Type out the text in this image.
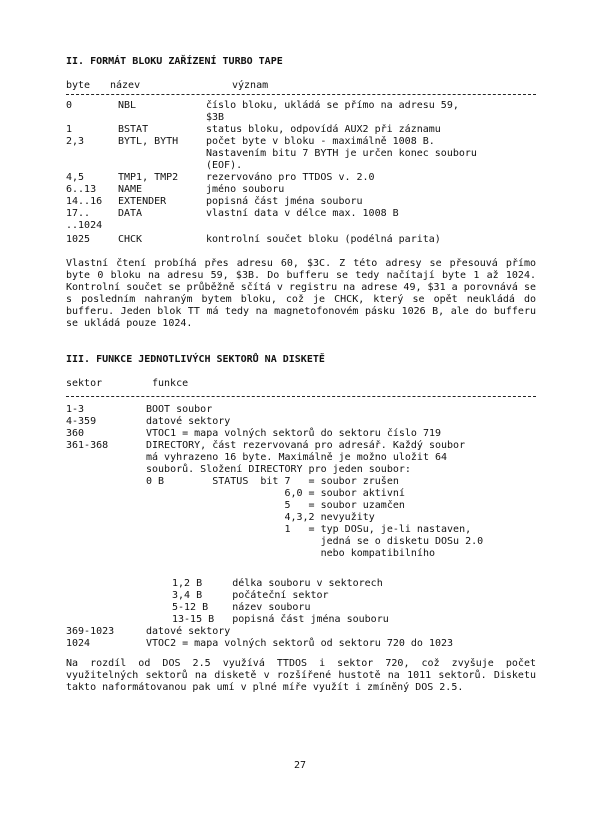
II. FORMÁT BLOKU ZAŘÍZENÍ TURBO TAPE
byte název	význam
0	NBL	číslo bloku, ukládá se přímo na adresu 59,
$3B
1	BSTAT	status bloku, odpovídá AUX2 při záznamu
2,3	BYTL, BYTH	počet byte v bloku - maximálně 1008 B.
Nastavením bitu 7 BYTH je určen konec souboru
(EOF).
4,5	TMP1, TMP2	rezervováno pro TTDOS v. 2.0
6..13 NAME	jméno souboru
14..16 EXTENDER	popisná část jména souboru
17..	DATA	vlastní data v délce max. 1008 B
..1024
1025	CHCK	kontrolní součet bloku (podélná parita)
Vlastní čtení probíhá přes adresu 60, $3C. Z této adresy se přesouvá přímo byte 0 bloku na adresu 59, $3B. Do bufferu se tedy načítají byte 1 až 1024. Kontrolní součet se průběžně sčítá v registru na adrese 49, $31 a porovnává se s posledním nahraným bytem bloku, což je CHCK, který se opět neukládá do bufferu. Jeden blok TT má tedy na magnetofonovém pásku 1026 B, ale do bufferu se ukládá pouze 1024.
III. FUNKCE JEDNOTLIVÝCH SEKTORŮ NA DISKETĚ
sektor	funkce
1-3	BOOT soubor
4-359	datové sektory
360	VTOC1 = mapa volných sektorů do sektoru číslo 719
361-368	DIRECTORY, část rezervovaná pro adresář. Každý soubor
má vyhrazeno 16 byte. Maximálně je možno uložit 64
souborů. Složení DIRECTORY pro jeden soubor:
0 B        STATUS  bit 7   = soubor zrušen
6,0 = soubor aktivní
5   = soubor uzamčen
4,3,2 nevyužity
1   = typ DOSu, je-li nastaven,
jedná se o disketu DOSu 2.0
nebo kompatibilního
1,2 B     délka souboru v sektorech
3,4 B     počáteční sektor
5-12 B    název souboru
13-15 B   popisná část jména souboru
369-1023	datové sektory
1024	VTOC2 = mapa volných sektorů od sektoru 720 do 1023
Na rozdíl od DOS 2.5 využívá TTDOS i sektor 720, což zvyšuje počet využitelných sektorů na disketě v rozšířené hustotě na 1011 sektorů. Disketu takto naformátovanou pak umí v plné míře využít i zmíněný DOS 2.5.
27
